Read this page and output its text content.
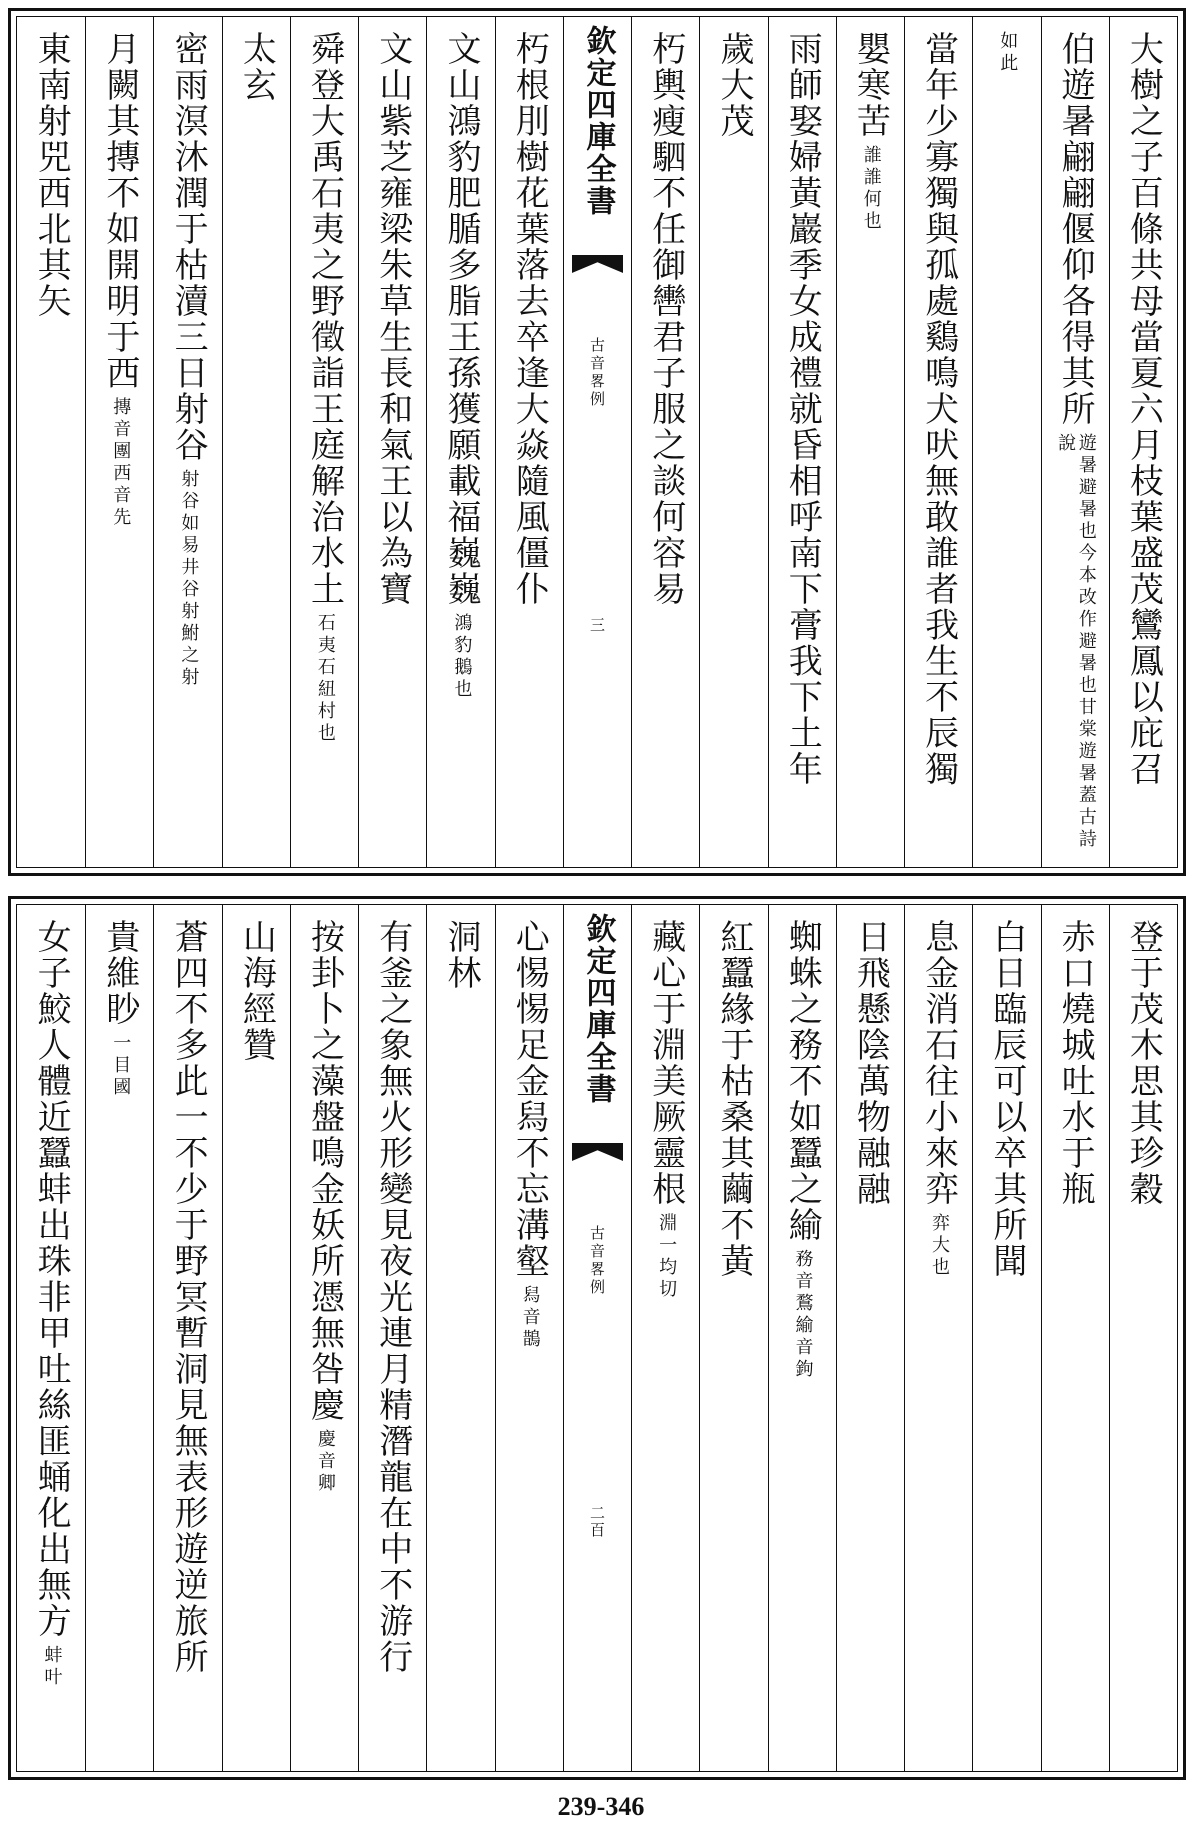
大樹之子百條共母當夏六月枝葉盛茂鸞鳳以庇召
伯遊暑翩翩偃仰各得其所
遊暑避暑也今本改作避暑也甘棠遊暑蓋古詩說
如此
當年少寡獨與孤處鷄鳴犬吠無敢誰者我生不辰獨
嬰寒苦
誰誰何也
雨師娶婦黃巖季女成禮就昏相呼南下膏我下土年
歲大茂
朽輿瘦駟不任御轡君子服之談何容易
欽定四庫全書
古音畧例
三
朽根刖樹花葉落去卒逢大焱隨風僵仆
文山鴻豹肥腯多脂王孫獲願載福巍巍
鴻豹鵝也
文山紫芝雍梁朱草生長和氣王以為寶
舜登大禹石夷之野徵詣王庭解治水土
石夷石紐村也
太玄
密雨溟沐潤于枯瀆三日射谷
射谷如易井谷射鮒之射
月闕其摶不如開明于西
摶音團西音先
東南射兕西北其矢
登于茂木思其珍穀
赤口燒城吐水于瓶
白日臨辰可以卒其所聞
息金消石往小來弈
弈大也
日飛懸陰萬物融融
蜘蛛之務不如蠶之緰
務音鶩緰音鉤
紅蠶緣于枯桑其繭不黃
藏心于淵美厥靈根
淵一均切
欽定四庫全書
古音畧例
二百
心惕惕足金舄不忘溝壑
舄音鵲
洞林
有釜之象無火形變見夜光連月精潛龍在中不游行
按卦卜之藻盤鳴金妖所憑無咎慶
慶音卿
山海經贊
蒼四不多此一不少于野冥暫洞見無表形遊逆旅所
貴維眇
一目國
女子鮫人體近蠶蚌出珠非甲吐絲匪蛹化出無方
蚌叶
239-346
